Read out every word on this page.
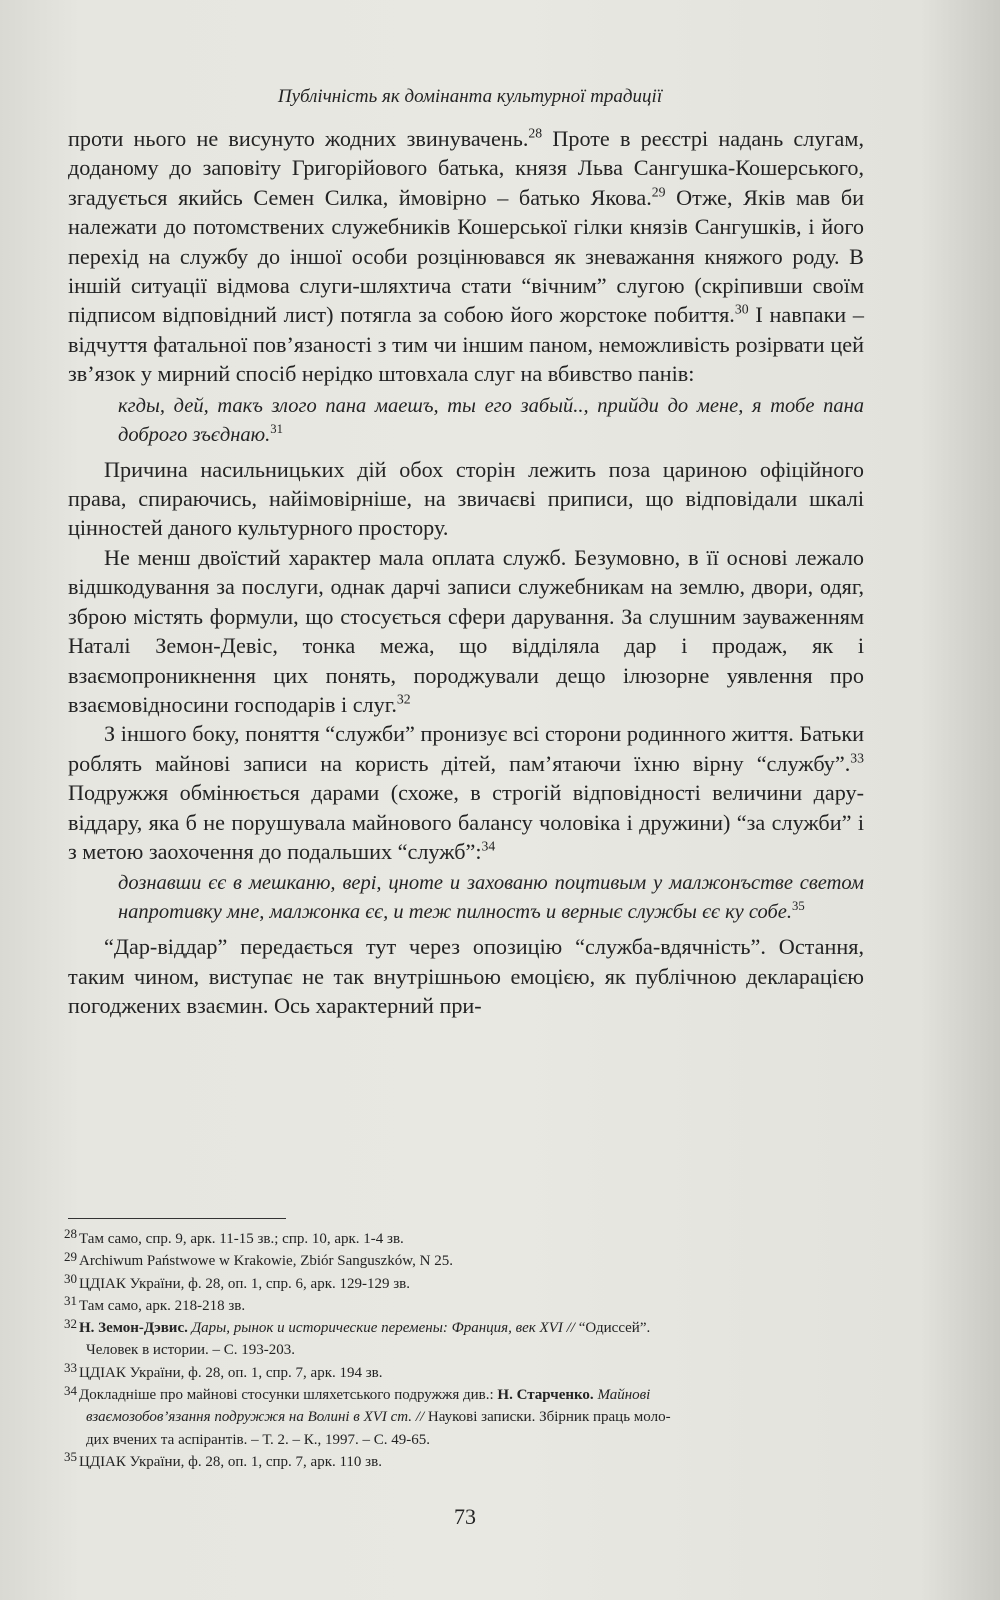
Публічність як домінанта культурної традиції

проти нього не висунуто жодних звинувачень.$^{28}$ Проте в реєстрі надань слугам, доданому до заповіту Григорійового батька, князя Льва Сангушка-Кошерського, згадується якийсь Семен Силка, ймовірно – батько Якова.$^{29}$ Отже, Яків мав би належати до потомствених служебників Кошерської гілки князів Сангушків, і його перехід на службу до іншої особи розцінювався як зневажання княжого роду. В іншій ситуації відмова слуги-шляхтича стати “вічним” слугою (скріпивши своїм підписом відповідний лист) потягла за собою його жорстоке побиття.$^{30}$ І навпаки – відчуття фатальної пов’язаності з тим чи іншим паном, неможливість розірвати цей зв’язок у мирний спосіб нерідко штовхала слуг на вбивство панів:

кгды, дей, такъ злого пана маешъ, ты его забый.., прийди до мене, я тобе пана доброго зъєднаю.$^{31}$

Причина насильницьких дій обох сторін лежить поза цариною офіційного права, спираючись, найімовірніше, на звичаєві приписи, що відповідали шкалі цінностей даного культурного простору.

Не менш двоїстий характер мала оплата служб. Безумовно, в її основі лежало відшкодування за послуги, однак дарчі записи служебникам на землю, двори, одяг, зброю містять формули, що стосується сфери дарування. За слушним зауваженням Наталі Земон-Девіс, тонка межа, що відділяла дар і продаж, як і взаємопроникнення цих понять, породжували дещо ілюзорне уявлення про взаємовідносини господарів і слуг.$^{32}$

З іншого боку, поняття “служби” пронизує всі сторони родинного життя. Батьки роблять майнові записи на користь дітей, пам’ятаючи їхню вірну “службу”.$^{33}$ Подружжя обмінюється дарами (схоже, в строгій відповідності величини дару-віддару, яка б не порушувала майнового балансу чоловіка і дружини) “за служби” і з метою заохочення до подальших “служб”:$^{34}$

дознавши єє в мешканю, вері, цноте и захованю поцтивым у малжонъстве светом напротивку мне, малжонка єє, и теж пилностъ и верныє службы єє ку собе.$^{35}$

“Дар-віддар” передається тут через опозицію “служба-вдячність”. Остання, таким чином, виступає не так внутрішньою емоцією, як публічною декларацією погоджених взаємин. Ось характерний при-

28 Там само, спр. 9, арк. 11-15 зв.; спр. 10, арк. 1-4 зв.

29 Archiwum Państwowe w Krakowie, Zbiór Sanguszków, N 25.

30 ЦДІАК України, ф. 28, оп. 1, спр. 6, арк. 129-129 зв.

31 Там само, арк. 218-218 зв.

32 Н. Земон-Дэвис. Дары, рынок и исторические перемены: Франция, век XVI // “Одиссей”.
Человек в истории. – С. 193-203.

33 ЦДІАК України, ф. 28, оп. 1, спр. 7, арк. 194 зв.

34 Докладніше про майнові стосунки шляхетського подружжя див.: Н. Старченко. Майнові
взаємозобов’язання подружжя на Волині в XVI ст. // Наукові записки. Збірник праць моло-
дих вчених та аспірантів. – Т. 2. – К., 1997. – С. 49-65.

35 ЦДІАК України, ф. 28, оп. 1, спр. 7, арк. 110 зв.

73
